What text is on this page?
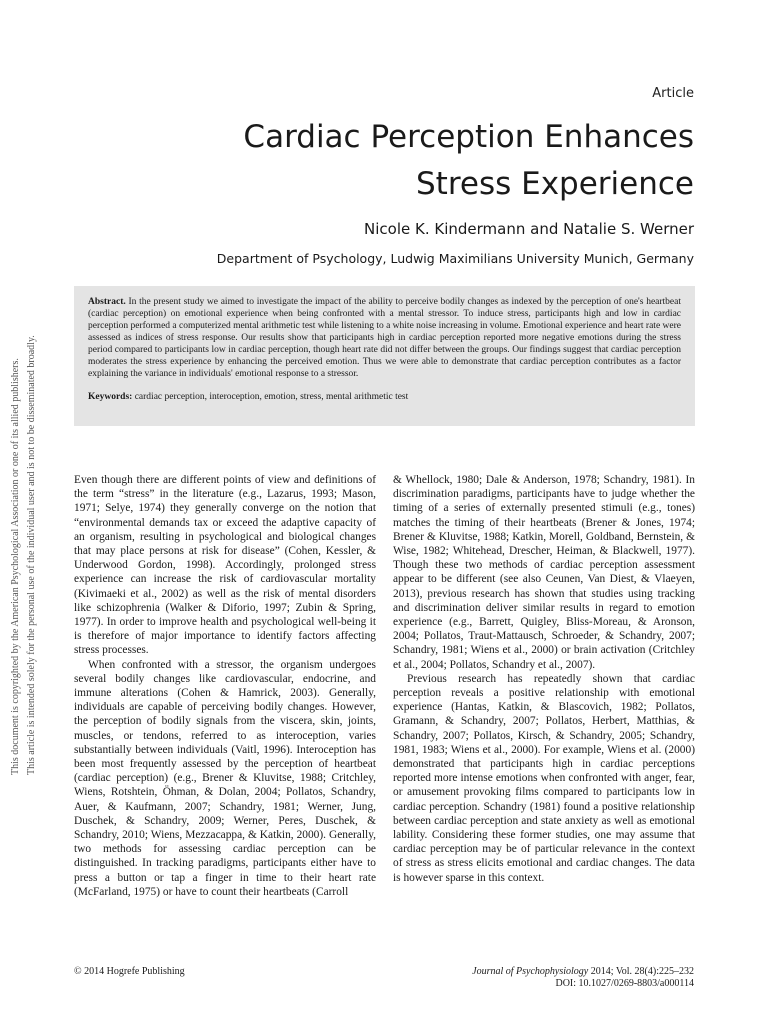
Article
Cardiac Perception Enhances
Stress Experience
Nicole K. Kindermann and Natalie S. Werner
Department of Psychology, Ludwig Maximilians University Munich, Germany
This document is copyrighted by the American Psychological Association or one of its allied publishers. This article is intended solely for the personal use of the individual user and is not to be disseminated broadly.

Abstract. In the present study we aimed to investigate the impact of the ability to perceive bodily changes as indexed by the perception of one's heartbeat (cardiac perception) on emotional experience when being confronted with a mental stressor. To induce stress, participants high and low in cardiac perception performed a computerized mental arithmetic test while listening to a white noise increasing in volume. Emotional experience and heart rate were assessed as indices of stress response. Our results show that participants high in cardiac perception reported more negative emotions during the stress period compared to participants low in cardiac perception, though heart rate did not differ between the groups. Our findings suggest that cardiac perception moderates the stress experience by enhancing the perceived emotion. Thus we were able to demonstrate that cardiac perception contributes as a factor explaining the variance in individuals' emotional response to a stressor.

Keywords: cardiac perception, interoception, emotion, stress, mental arithmetic test

Even though there are different points of view and definitions of the term “stress” in the literature (e.g., Lazarus, 1993; Mason, 1971; Selye, 1974) they generally converge on the notion that “environmental demands tax or exceed the adaptive capacity of an organism, resulting in psychological and biological changes that may place persons at risk for disease” (Cohen, Kessler, & Underwood Gordon, 1998). Accordingly, prolonged stress experience can increase the risk of cardiovascular mortality (Kivimaeki et al., 2002) as well as the risk of mental disorders like schizophrenia (Walker & Diforio, 1997; Zubin & Spring, 1977). In order to improve health and psychological well-being it is therefore of major importance to identify factors affecting stress processes.

When confronted with a stressor, the organism undergoes several bodily changes like cardiovascular, endocrine, and immune alterations (Cohen & Hamrick, 2003). Generally, individuals are capable of perceiving bodily changes. However, the perception of bodily signals from the viscera, skin, joints, muscles, or tendons, referred to as interoception, varies substantially between individuals (Vaitl, 1996). Interoception has been most frequently assessed by the perception of heartbeat (cardiac perception) (e.g., Brener & Kluvitse, 1988; Critchley, Wiens, Rotshtein, Öhman, & Dolan, 2004; Pollatos, Schandry, Auer, & Kaufmann, 2007; Schandry, 1981; Werner, Jung, Duschek, & Schandry, 2009; Werner, Peres, Duschek, & Schandry, 2010; Wiens, Mezzacappa, & Katkin, 2000). Generally, two methods for assessing cardiac perception can be distinguished. In tracking paradigms, participants either have to press a button or tap a finger in time to their heart rate (McFarland, 1975) or have to count their heartbeats (Carroll

& Whellock, 1980; Dale & Anderson, 1978; Schandry, 1981). In discrimination paradigms, participants have to judge whether the timing of a series of externally presented stimuli (e.g., tones) matches the timing of their heartbeats (Brener & Jones, 1974; Brener & Kluvitse, 1988; Katkin, Morell, Goldband, Bernstein, & Wise, 1982; Whitehead, Drescher, Heiman, & Blackwell, 1977). Though these two methods of cardiac perception assessment appear to be different (see also Ceunen, Van Diest, & Vlaeyen, 2013), previous research has shown that studies using tracking and discrimination deliver similar results in regard to emotion experience (e.g., Barrett, Quigley, Bliss-Moreau, & Aronson, 2004; Pollatos, Traut-Mattausch, Schroeder, & Schandry, 2007; Schandry, 1981; Wiens et al., 2000) or brain activation (Critchley et al., 2004; Pollatos, Schandry et al., 2007).

Previous research has repeatedly shown that cardiac perception reveals a positive relationship with emotional experience (Hantas, Katkin, & Blascovich, 1982; Pollatos, Gramann, & Schandry, 2007; Pollatos, Herbert, Matthias, & Schandry, 2007; Pollatos, Kirsch, & Schandry, 2005; Schandry, 1981, 1983; Wiens et al., 2000). For example, Wiens et al. (2000) demonstrated that participants high in cardiac perceptions reported more intense emotions when confronted with anger, fear, or amusement provoking films compared to participants low in cardiac perception. Schandry (1981) found a positive relationship between cardiac perception and state anxiety as well as emotional lability. Considering these former studies, one may assume that cardiac perception may be of particular relevance in the context of stress as stress elicits emotional and cardiac changes. The data is however sparse in this context.

© 2014 Hogrefe Publishing	Journal of Psychophysiology 2014; Vol. 28(4):225–232
DOI: 10.1027/0269-8803/a000114
